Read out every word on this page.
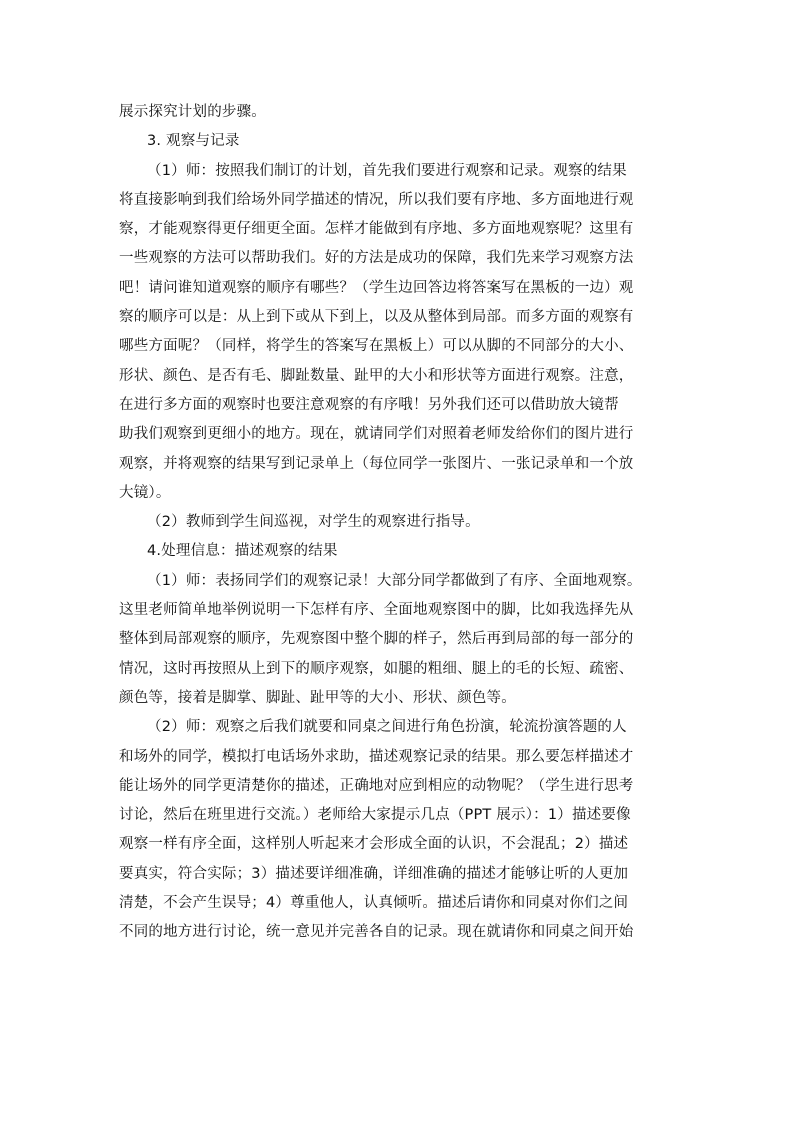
展示探究计划的步骤。
3. 观察与记录
（1）师：按照我们制订的计划，首先我们要进行观察和记录。观察的结果
将直接影响到我们给场外同学描述的情况，所以我们要有序地、多方面地进行观
察，才能观察得更仔细更全面。怎样才能做到有序地、多方面地观察呢？这里有
一些观察的方法可以帮助我们。好的方法是成功的保障，我们先来学习观察方法
吧！请问谁知道观察的顺序有哪些？（学生边回答边将答案写在黑板的一边）观
察的顺序可以是：从上到下或从下到上，以及从整体到局部。而多方面的观察有
哪些方面呢？（同样，将学生的答案写在黑板上）可以从脚的不同部分的大小、
形状、颜色、是否有毛、脚趾数量、趾甲的大小和形状等方面进行观察。注意，
在进行多方面的观察时也要注意观察的有序哦！另外我们还可以借助放大镜帮
助我们观察到更细小的地方。现在，就请同学们对照着老师发给你们的图片进行
观察，并将观察的结果写到记录单上（每位同学一张图片、一张记录单和一个放
大镜）。
（2）教师到学生间巡视，对学生的观察进行指导。
4.处理信息：描述观察的结果
（1）师：表扬同学们的观察记录！大部分同学都做到了有序、全面地观察。
这里老师简单地举例说明一下怎样有序、全面地观察图中的脚，比如我选择先从
整体到局部观察的顺序，先观察图中整个脚的样子，然后再到局部的每一部分的
情况，这时再按照从上到下的顺序观察，如腿的粗细、腿上的毛的长短、疏密、
颜色等，接着是脚掌、脚趾、趾甲等的大小、形状、颜色等。
（2）师：观察之后我们就要和同桌之间进行角色扮演，轮流扮演答题的人
和场外的同学，模拟打电话场外求助，描述观察记录的结果。那么要怎样描述才
能让场外的同学更清楚你的描述，正确地对应到相应的动物呢？（学生进行思考
讨论，然后在班里进行交流。）老师给大家提示几点（PPT 展示）：1）描述要像
观察一样有序全面，这样别人听起来才会形成全面的认识，不会混乱；2）描述
要真实，符合实际；3）描述要详细准确，详细准确的描述才能够让听的人更加
清楚，不会产生误导；4）尊重他人，认真倾听。描述后请你和同桌对你们之间
不同的地方进行讨论，统一意见并完善各自的记录。现在就请你和同桌之间开始
